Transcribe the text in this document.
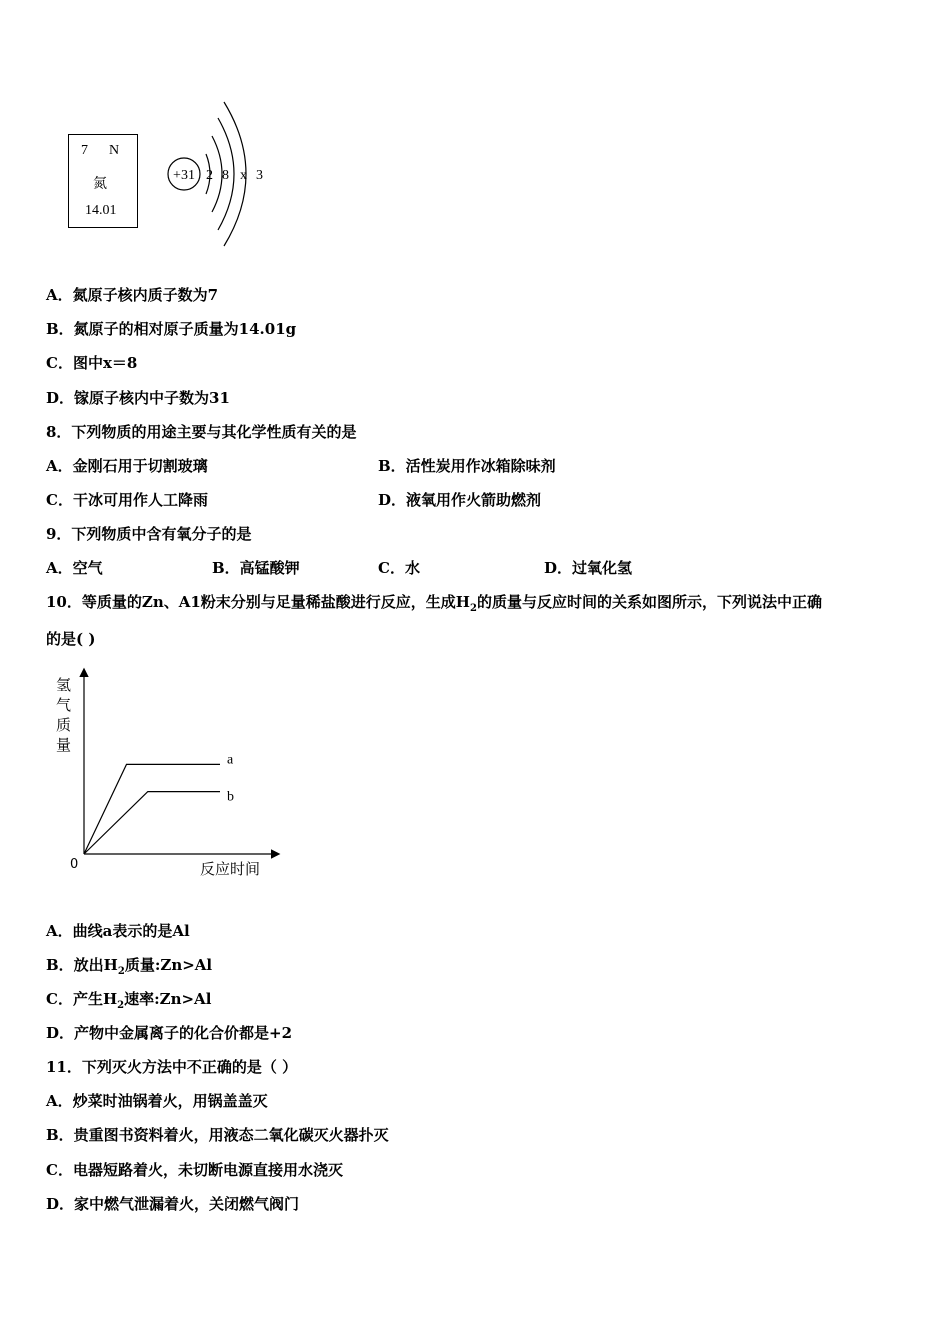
7 N
氮
14.01
+31 2 8 x 3
A．氮原子核内质子数为7
B．氮原子的相对原子质量为14.01g
C．图中x＝8
D．镓原子核内中子数为31
8．下列物质的用途主要与其化学性质有关的是
A．金刚石用于切割玻璃	B．活性炭用作冰箱除味剂
C．干冰可用作人工降雨	D．液氧用作火箭助燃剂
9．下列物质中含有氧分子的是
A．空气	B．高锰酸钾	C．水	D．过氧化氢
10．等质量的Zn、A1粉末分别与足量稀盐酸进行反应，生成$H_2$的质量与反应时间的关系如图所示，下列说法中正确
的是( )
氢
气
质
量
反应时间
0
a
b
A．曲线a表示的是Al
B．放出$H_2$质量:Zn>Al
C．产生$H_2$速率:Zn>Al
D．产物中金属离子的化合价都是+2
11．下列灭火方法中不正确的是（ ）
A．炒菜时油锅着火，用锅盖盖灭
B．贵重图书资料着火，用液态二氧化碳灭火器扑灭
C．电器短路着火，未切断电源直接用水浇灭
D．家中燃气泄漏着火，关闭燃气阀门
